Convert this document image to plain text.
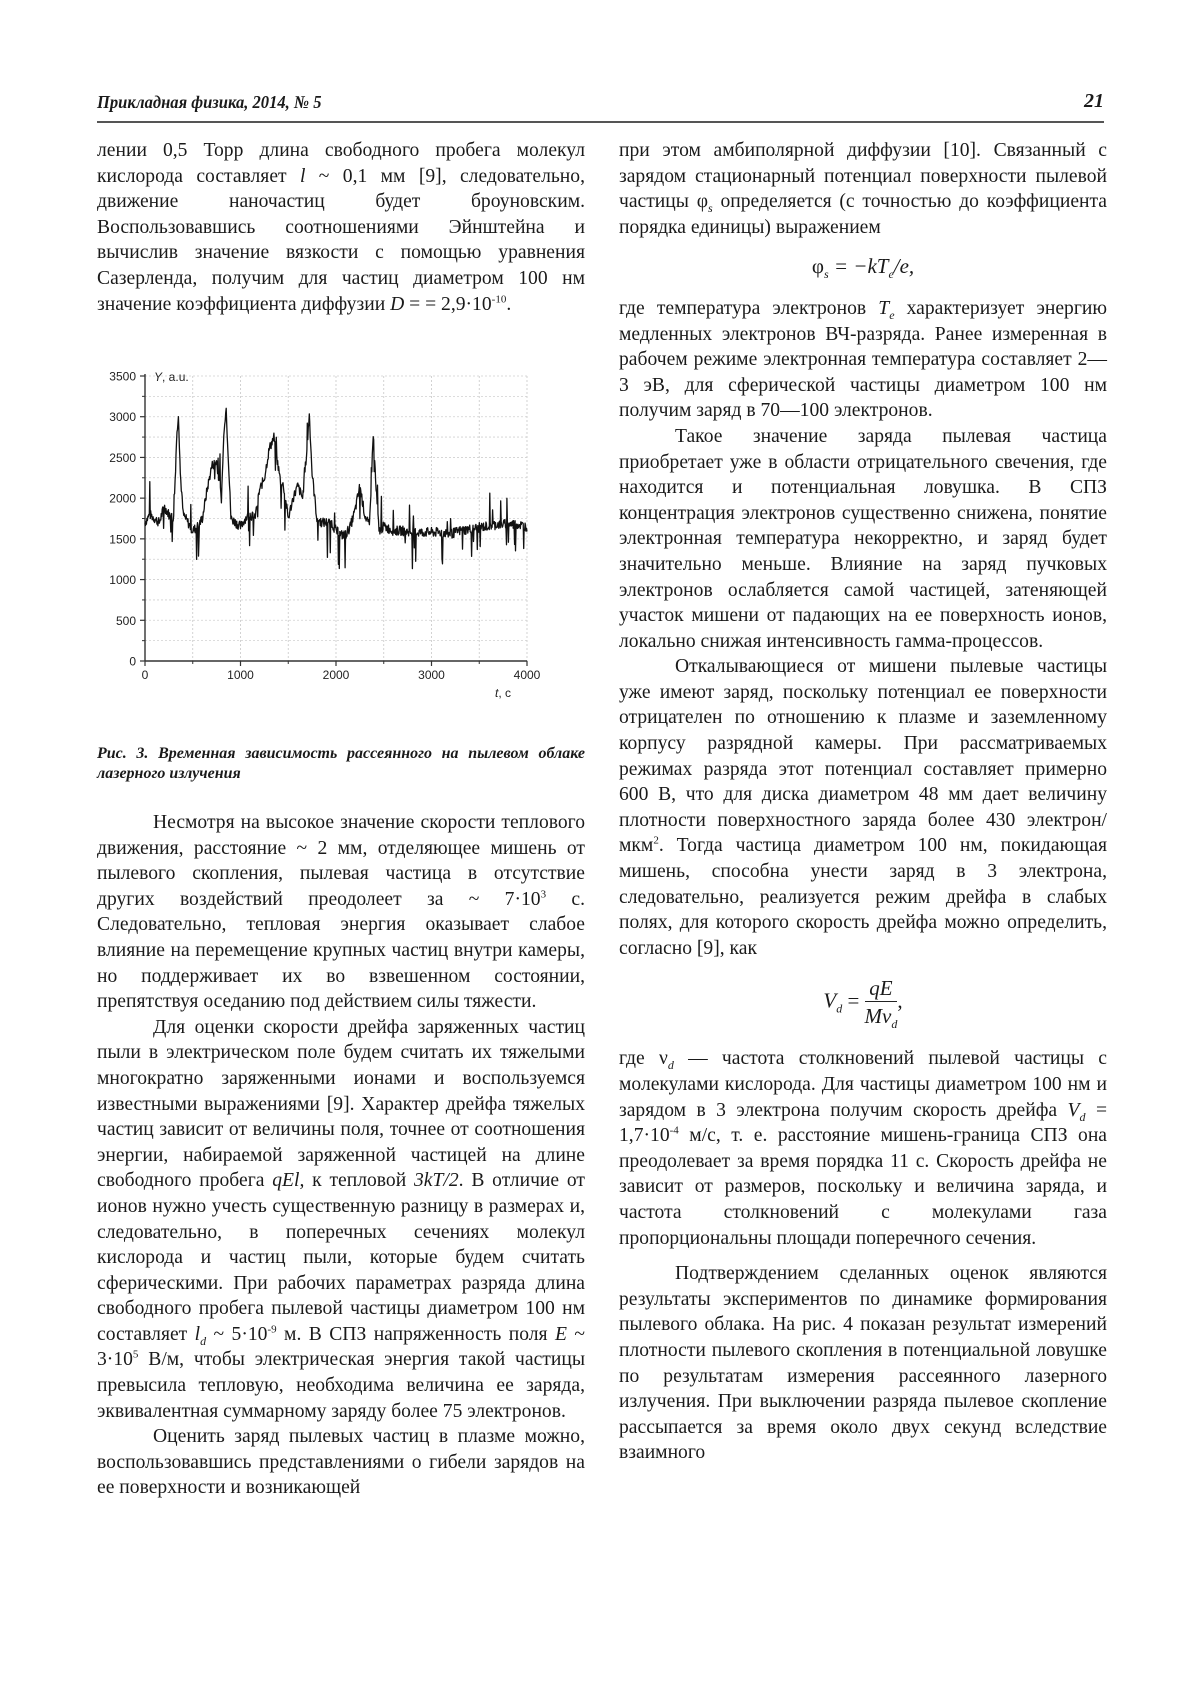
Прикладная физика, 2014, № 5	21

лении 0,5 Торр длина свободного пробега молекул кислорода составляет l ~ 0,1 мм [9], следовательно, движение наночастиц будет броуновским. Воспользовавшись соотношениями Эйнштейна и вычислив значение вязкости с помощью уравнения Сазерленда, получим для частиц диаметром 100 нм значение коэффициента диффузии D = = $2,9\cdot 10^{-10}$.

0
500
1000
1500
2000
2500
3000
3500
0	1000	2000	3000	4000
Y, a.u.
t, c
Рис. 3. Временная зависимость рассеянного на пылевом облаке лазерного излучения

Несмотря на высокое значение скорости теплового движения, расстояние ~ 2 мм, отделяющее мишень от пылевого скопления, пылевая частица в отсутствие других воздействий преодолеет за ~ $7\cdot 10^3$ с. Следовательно, тепловая энергия оказывает слабое влияние на перемещение крупных частиц внутри камеры, но поддерживает их во взвешенном состоянии, препятствуя оседанию под действием силы тяжести.

Для оценки скорости дрейфа заряженных частиц пыли в электрическом поле будем считать их тяжелыми многократно заряженными ионами и воспользуемся известными выражениями [9]. Характер дрейфа тяжелых частиц зависит от величины поля, точнее от соотношения энергии, набираемой заряженной частицей на длине свободного пробега qEl, к тепловой 3kT/2. В отличие от ионов нужно учесть существенную разницу в размерах и, следовательно, в поперечных сечениях молекул кислорода и частиц пыли, которые будем считать сферическими. При рабочих параметрах разряда длина свободного пробега пылевой частицы диаметром 100 нм составляет $l_d$ ~ $5\cdot 10^{-9}$ м. В СПЗ напряженность поля E ~ $3\cdot 10^5$ В/м, чтобы электрическая энергия такой частицы превысила тепловую, необходима величина ее заряда, эквивалентная суммарному заряду более 75 электронов.

Оценить заряд пылевых частиц в плазме можно, воспользовавшись представлениями о гибели зарядов на ее поверхности и возникающей

при этом амбиполярной диффузии [10]. Связанный с зарядом стационарный потенциал поверхности пылевой частицы $\varphi_s$ определяется (с точностью до коэффициента порядка единицы) выражением

$\varphi_s = -kT_e/e$,

где температура электронов $T_e$ характеризует энергию медленных электронов ВЧ-разряда. Ранее измеренная в рабочем режиме электронная температура составляет 2—3 эВ, для сферической частицы диаметром 100 нм получим заряд в 70—100 электронов.

Такое значение заряда пылевая частица приобретает уже в области отрицательного свечения, где находится и потенциальная ловушка. В СПЗ концентрация электронов существенно снижена, понятие электронная температура некорректно, и заряд будет значительно меньше. Влияние на заряд пучковых электронов ослабляется самой частицей, затеняющей участок мишени от падающих на ее поверхность ионов, локально снижая интенсивность гамма-процессов.

Откалывающиеся от мишени пылевые частицы уже имеют заряд, поскольку потенциал ее поверхности отрицателен по отношению к плазме и заземленному корпусу разрядной камеры. При рассматриваемых режимах разряда этот потенциал составляет примерно 600 В, что для диска диаметром 48 мм дает величину плотности поверхностного заряда более 430 электрон/мкм$^2$. Тогда частица диаметром 100 нм, покидающая мишень, способна унести заряд в 3 электрона, следовательно, реализуется режим дрейфа в слабых полях, для которого скорость дрейфа можно определить, согласно [9], как

$V_d = \frac{qE}{M\nu_d}$ ,

где $\nu_d$ — частота столкновений пылевой частицы с молекулами кислорода. Для частицы диаметром 100 нм и зарядом в 3 электрона получим скорость дрейфа $V_d = 1,7\cdot 10^{-4}$ м/с, т. е. расстояние мишень-граница СПЗ она преодолевает за время порядка 11 с. Скорость дрейфа не зависит от размеров, поскольку и величина заряда, и частота столкновений с молекулами газа пропорциональны площади поперечного сечения.

Подтверждением сделанных оценок являются результаты экспериментов по динамике формирования пылевого облака. На рис. 4 показан результат измерений плотности пылевого скопления в потенциальной ловушке по результатам измерения рассеянного лазерного излучения. При выключении разряда пылевое скопление рассыпается за время около двух секунд вследствие взаимного
